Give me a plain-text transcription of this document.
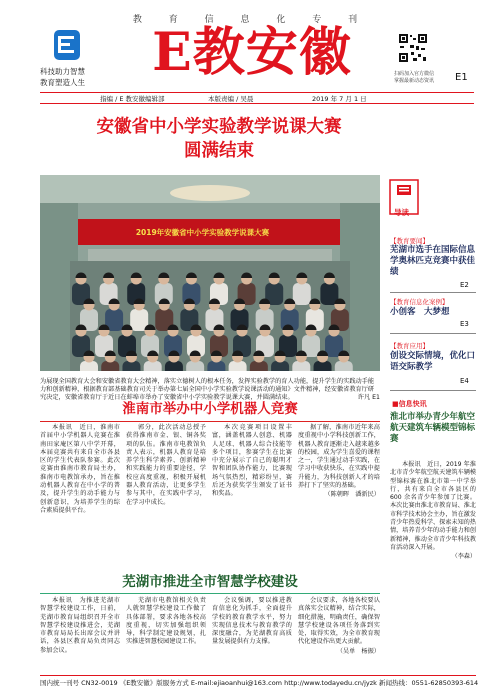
教 育 信 息 化 专 刊
科技助力智慧
教育塑造人生	E教安徽	扫码加入官方微信
掌握最新动态资讯 E1
指编 / E 教安徽编辑部	本版责编 / 吴晨	2019 年 7 月 1 日
安徽省中小学实验教学说课大赛
圆满结束
2019年安徽省中小学实验教学说课大赛
为展现全国教育大会和安徽省教育大会精神，落实立德树人的根本任务，发挥实验教学的育人功能，提升学生的实践动手能力和创新精神，根据教育部基础教育司关于举办第七届全国中小学实验教学说课活动的通知》文件精神，经安徽省教育厅研究决定，安徽省教育厅于近日在蚌埠市举办了安徽省中小学实验教学说课大赛，并圆满结束。	许凡 E1
淮南市举办中小学机器人竞赛

本报讯　近日，淮南市首届中小学机器人竞赛在淮南田家庵区第八中学开幕，本届竞赛共有来自全市各县区的学生代表队参赛。此次竞赛由淮南市教育局主办，淮南市电教馆承办，旨在推动机器人教育在中小学的普及，提升学生的动手能力与创新意识，为培养学生的综合素质提供平台。

郭分，此次活动总授予获得淮南市金、银、铜各奖项的队伍。淮南市电教馆负责人表示，机器人教育是培养学生科学素养、创新精神和实践能力的重要途径，学校应高度重视，积极开展机器人教育活动，让更多学生参与其中，在实践中学习，在学习中成长。

本次竞赛项目设置丰富，涵盖机器人创意、机器人足球、机器人综合技能等多个项目，参赛学生在比赛中充分展示了自己的聪明才智和团队协作能力，比赛现场气氛热烈，精彩纷呈，赛后还为获奖学生颁发了证书和奖品。

据了解，淮南市近年来高度重视中小学科技创新工作，机器人教育逐渐走入越来越多的校园，成为学生喜爱的课程之一，学生通过动手实践，在学习中收获快乐，在实践中提升能力，为科技创新人才的培养打下了坚实的基础。

（陈朝晖　潘新民）
芜湖市推进全市智慧学校建设

本报讯　为推进芜湖市智慧学校建设工作，日前，芜湖市教育局组织召开全市智慧学校建设推进会，芜湖市教育局局长出席会议并讲话，各县区教育局负责同志参加会议。

芜湖市电教馆相关负责人就智慧学校建设工作做了具体部署，要求各地各校高度重视，切实加强组织领导，科学制定建设规划，扎实推进智慧校园建设工作。

会议强调，要以推进教育信息化为抓手，全面提升学校的教育教学水平，努力实现信息技术与教育教学的深度融合，为芜湖教育高质量发展提供有力支撑。

会议要求，各地各校要认真落实会议精神，结合实际，细化措施，明确责任，确保智慧学校建设各项任务落到实处，取得实效，为全市教育现代化建设作出更大贡献。

（吴单　杨振）
导读
【教育要闻】
芜湖市选手在国际信息学奥林匹克竞赛中获佳绩
E2
【教育信息化案例】
小创客　大梦想
E3
【教育应用】
创设交际情境，优化口语交际教学
E4
■信息快讯
淮北市举办青少年航空航天建筑车辆模型锦标赛

本报讯　近日，2019 年淮北市青少年航空航天建筑车辆模型锦标赛在淮北市第一中学举行，共有来自全市各县区的 600 余名青少年参加了比赛。本次比赛由淮北市教育局、淮北市科学技术协会主办，旨在激发青少年热爱科学、探索未知的热情，培养青少年的动手能力和创新精神，推动全市青少年科技教育活动深入开展。

（李森）
国内统一刊号 CN32-0019 《E教安徽》版服务方式 E-mail:ejiaoanhui@163.com http://www.todayedu.cn/jyzk 新闻热线：0551-62850393-614
